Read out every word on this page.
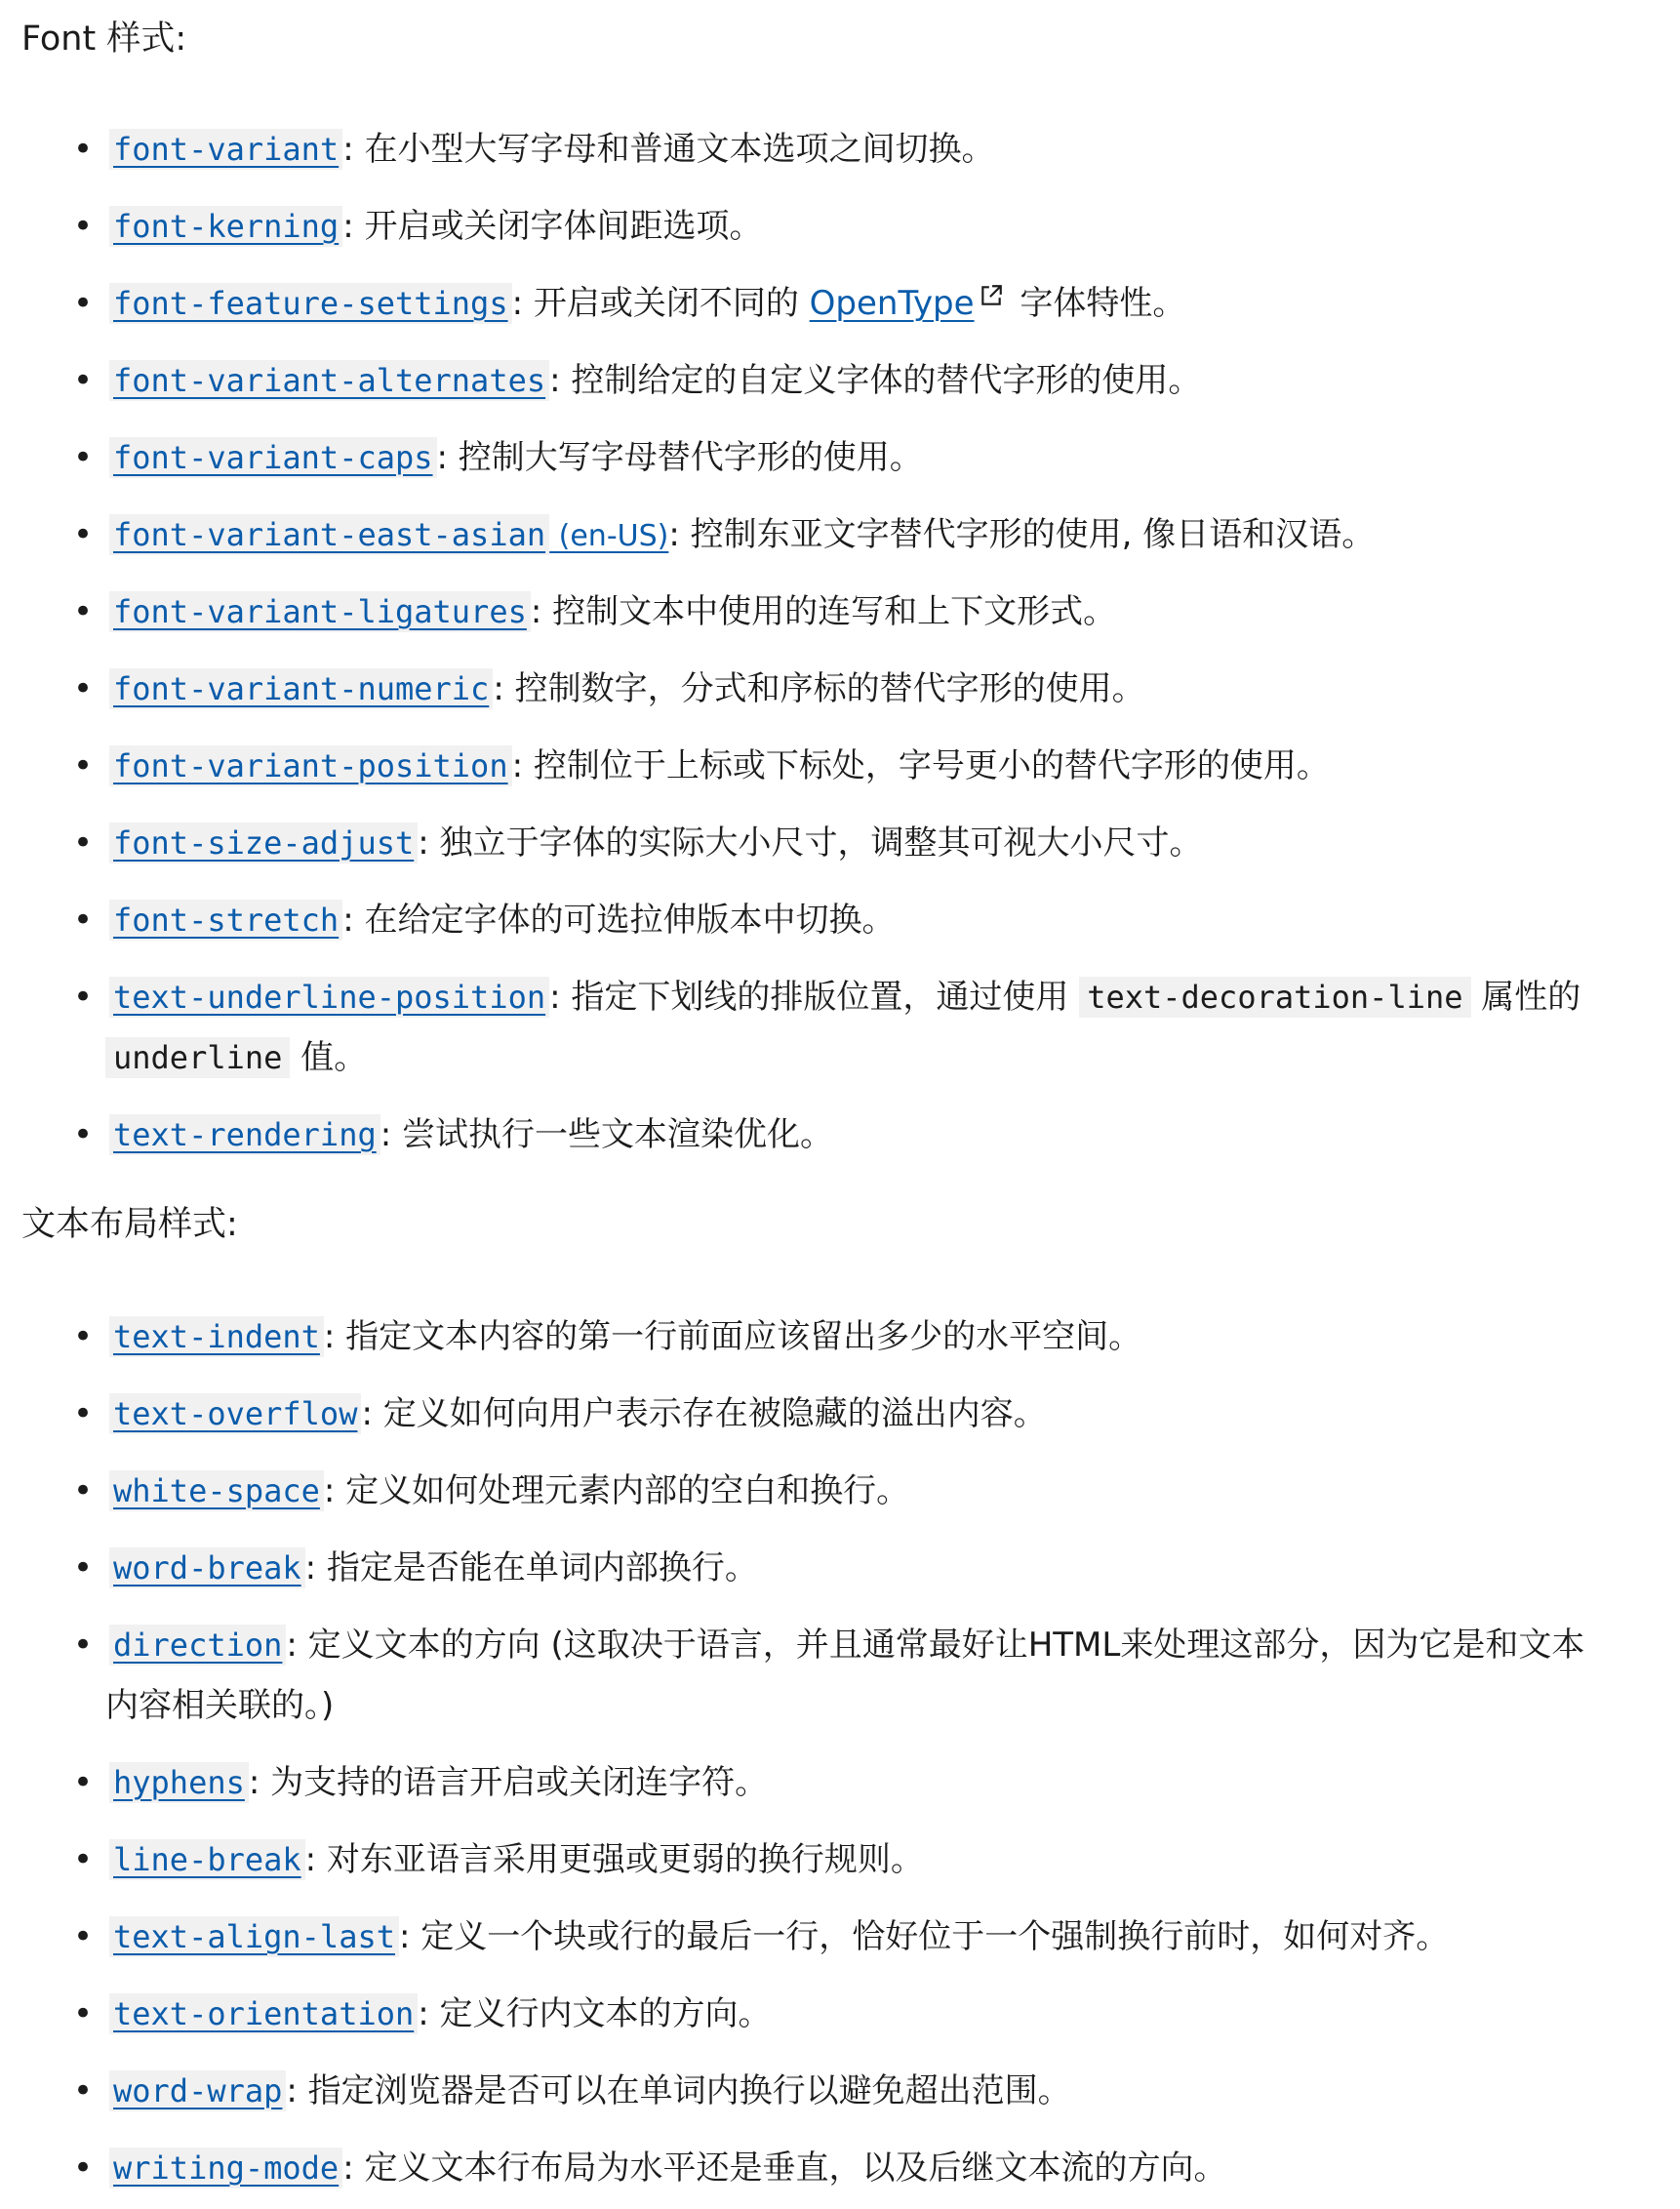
Font 样式:
• font-variant : 在小型大写字母和普通文本选项之间切换。
• font-kerning : 开启或关闭字体间距选项。
• font-feature-settings : 开启或关闭不同的 OpenType 字体特性。
• font-variant-alternates : 控制给定的自定义字体的替代字形的使用。
• font-variant-caps : 控制大写字母替代字形的使用。
• font-variant-east-asian (en-US): 控制东亚文字替代字形的使用, 像日语和汉语。
• font-variant-ligatures : 控制文本中使用的连写和上下文形式。
• font-variant-numeric : 控制数字，分式和序标的替代字形的使用。
• font-variant-position : 控制位于上标或下标处，字号更小的替代字形的使用。
• font-size-adjust : 独立于字体的实际大小尺寸，调整其可视大小尺寸。
• font-stretch : 在给定字体的可选拉伸版本中切换。
• text-underline-position : 指定下划线的排版位置，通过使用 text-decoration-line 属性的
underline 值。
• text-rendering : 尝试执行一些文本渲染优化。
文本布局样式:
• text-indent : 指定文本内容的第一行前面应该留出多少的水平空间。
• text-overflow : 定义如何向用户表示存在被隐藏的溢出内容。
• white-space : 定义如何处理元素内部的空白和换行。
• word-break : 指定是否能在单词内部换行。
• direction : 定义文本的方向 (这取决于语言，并且通常最好让HTML来处理这部分，因为它是和文本
内容相关联的。)
• hyphens : 为支持的语言开启或关闭连字符。
• line-break : 对东亚语言采用更强或更弱的换行规则。
• text-align-last : 定义一个块或行的最后一行，恰好位于一个强制换行前时，如何对齐。
• text-orientation : 定义行内文本的方向。
• word-wrap : 指定浏览器是否可以在单词内换行以避免超出范围。
• writing-mode : 定义文本行布局为水平还是垂直，以及后继文本流的方向。
